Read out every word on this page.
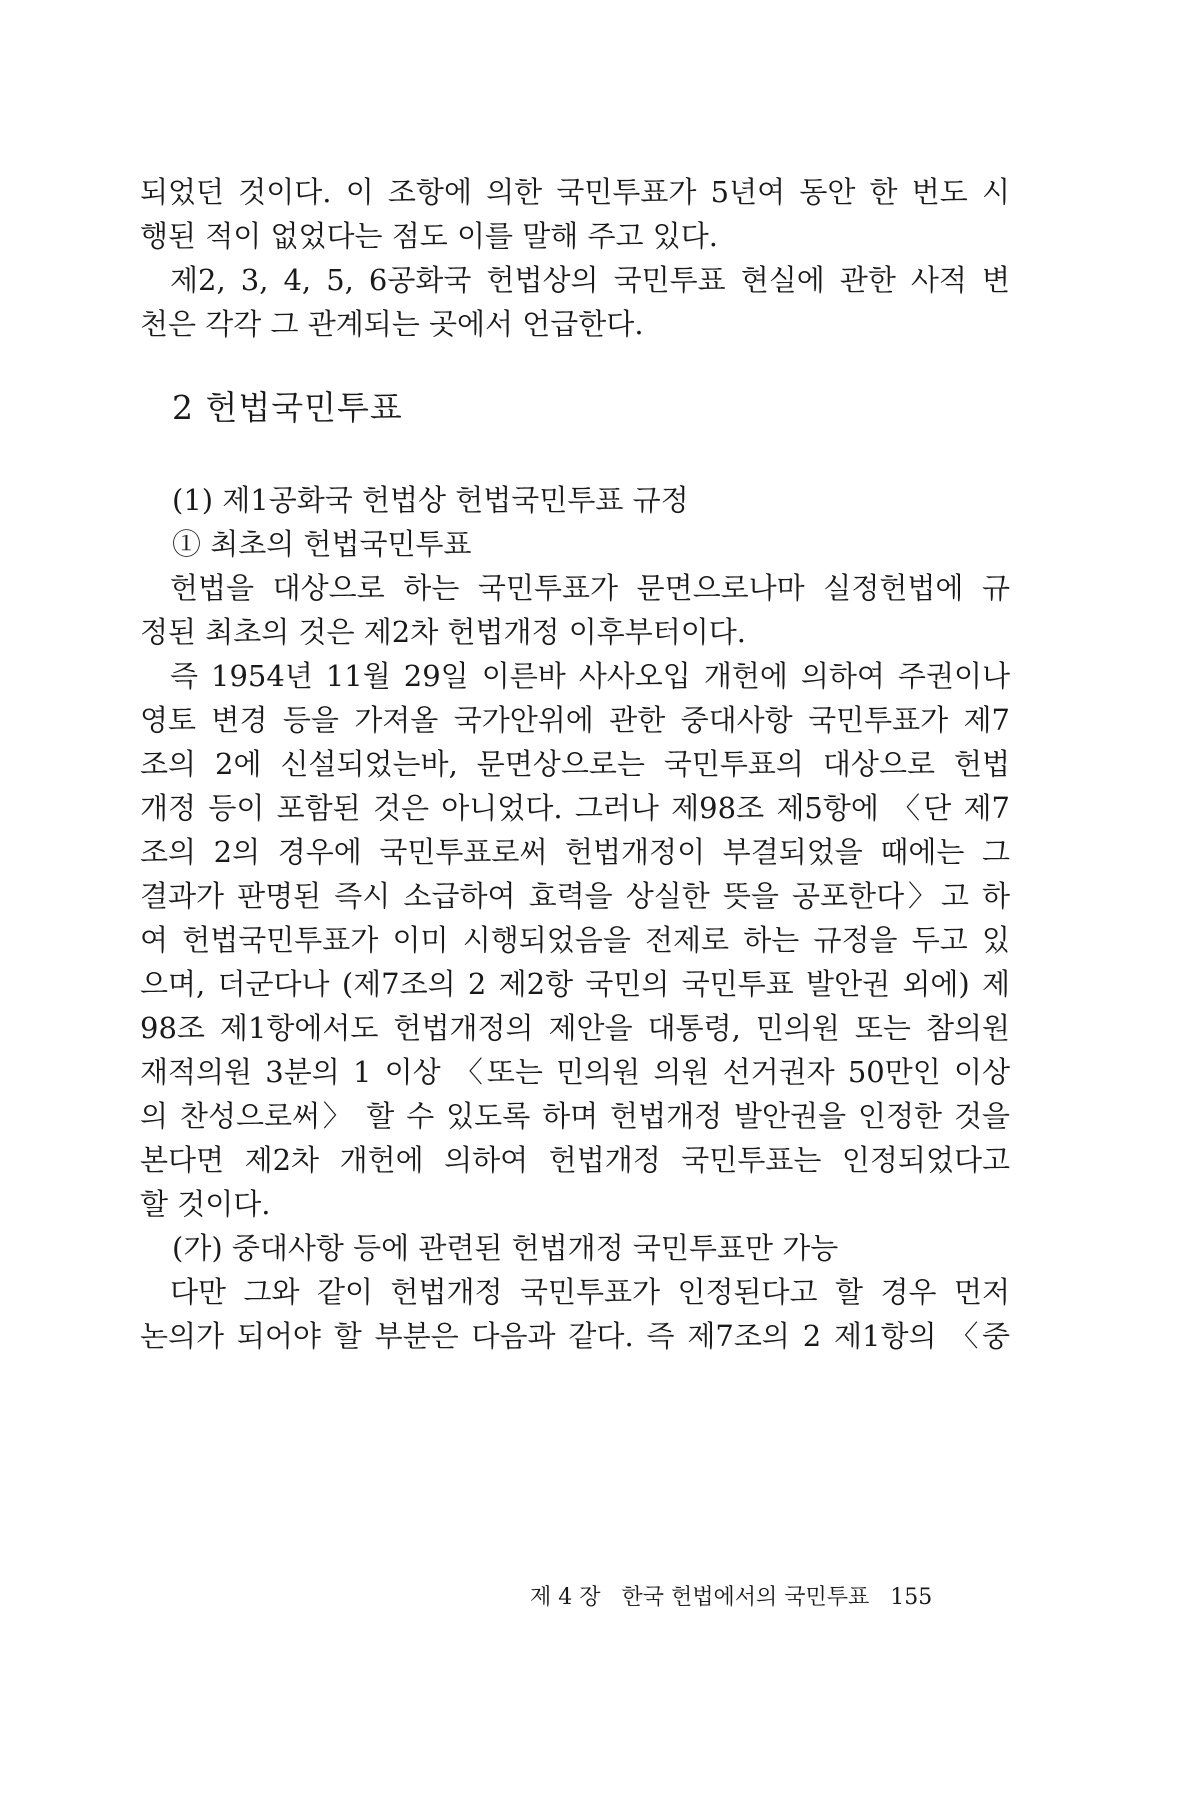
되었던 것이다. 이 조항에 의한 국민투표가 5년여 동안 한 번도 시
행된 적이 없었다는 점도 이를 말해 주고 있다.
제2, 3, 4, 5, 6공화국 헌법상의 국민투표 현실에 관한 사적 변
천은 각각 그 관계되는 곳에서 언급한다.
2 헌법국민투표
(1) 제1공화국 헌법상 헌법국민투표 규정
① 최초의 헌법국민투표
헌법을 대상으로 하는 국민투표가 문면으로나마 실정헌법에 규
정된 최초의 것은 제2차 헌법개정 이후부터이다.
즉 1954년 11월 29일 이른바 사사오입 개헌에 의하여 주권이나
영토 변경 등을 가져올 국가안위에 관한 중대사항 국민투표가 제7
조의 2에 신설되었는바, 문면상으로는 국민투표의 대상으로 헌법
개정 등이 포함된 것은 아니었다. 그러나 제98조 제5항에 〈단 제7
조의 2의 경우에 국민투표로써 헌법개정이 부결되었을 때에는 그
결과가 판명된 즉시 소급하여 효력을 상실한 뜻을 공포한다〉고 하
여 헌법국민투표가 이미 시행되었음을 전제로 하는 규정을 두고 있
으며, 더군다나 (제7조의 2 제2항 국민의 국민투표 발안권 외에) 제
98조 제1항에서도 헌법개정의 제안을 대통령, 민의원 또는 참의원
재적의원 3분의 1 이상 〈또는 민의원 의원 선거권자 50만인 이상
의 찬성으로써〉 할 수 있도록 하며 헌법개정 발안권을 인정한 것을
본다면 제2차 개헌에 의하여 헌법개정 국민투표는 인정되었다고
할 것이다.
(가) 중대사항 등에 관련된 헌법개정 국민투표만 가능
다만 그와 같이 헌법개정 국민투표가 인정된다고 할 경우 먼저
논의가 되어야 할 부분은 다음과 같다. 즉 제7조의 2 제1항의 〈중
제 4 장 한국 헌법에서의 국민투표 155
